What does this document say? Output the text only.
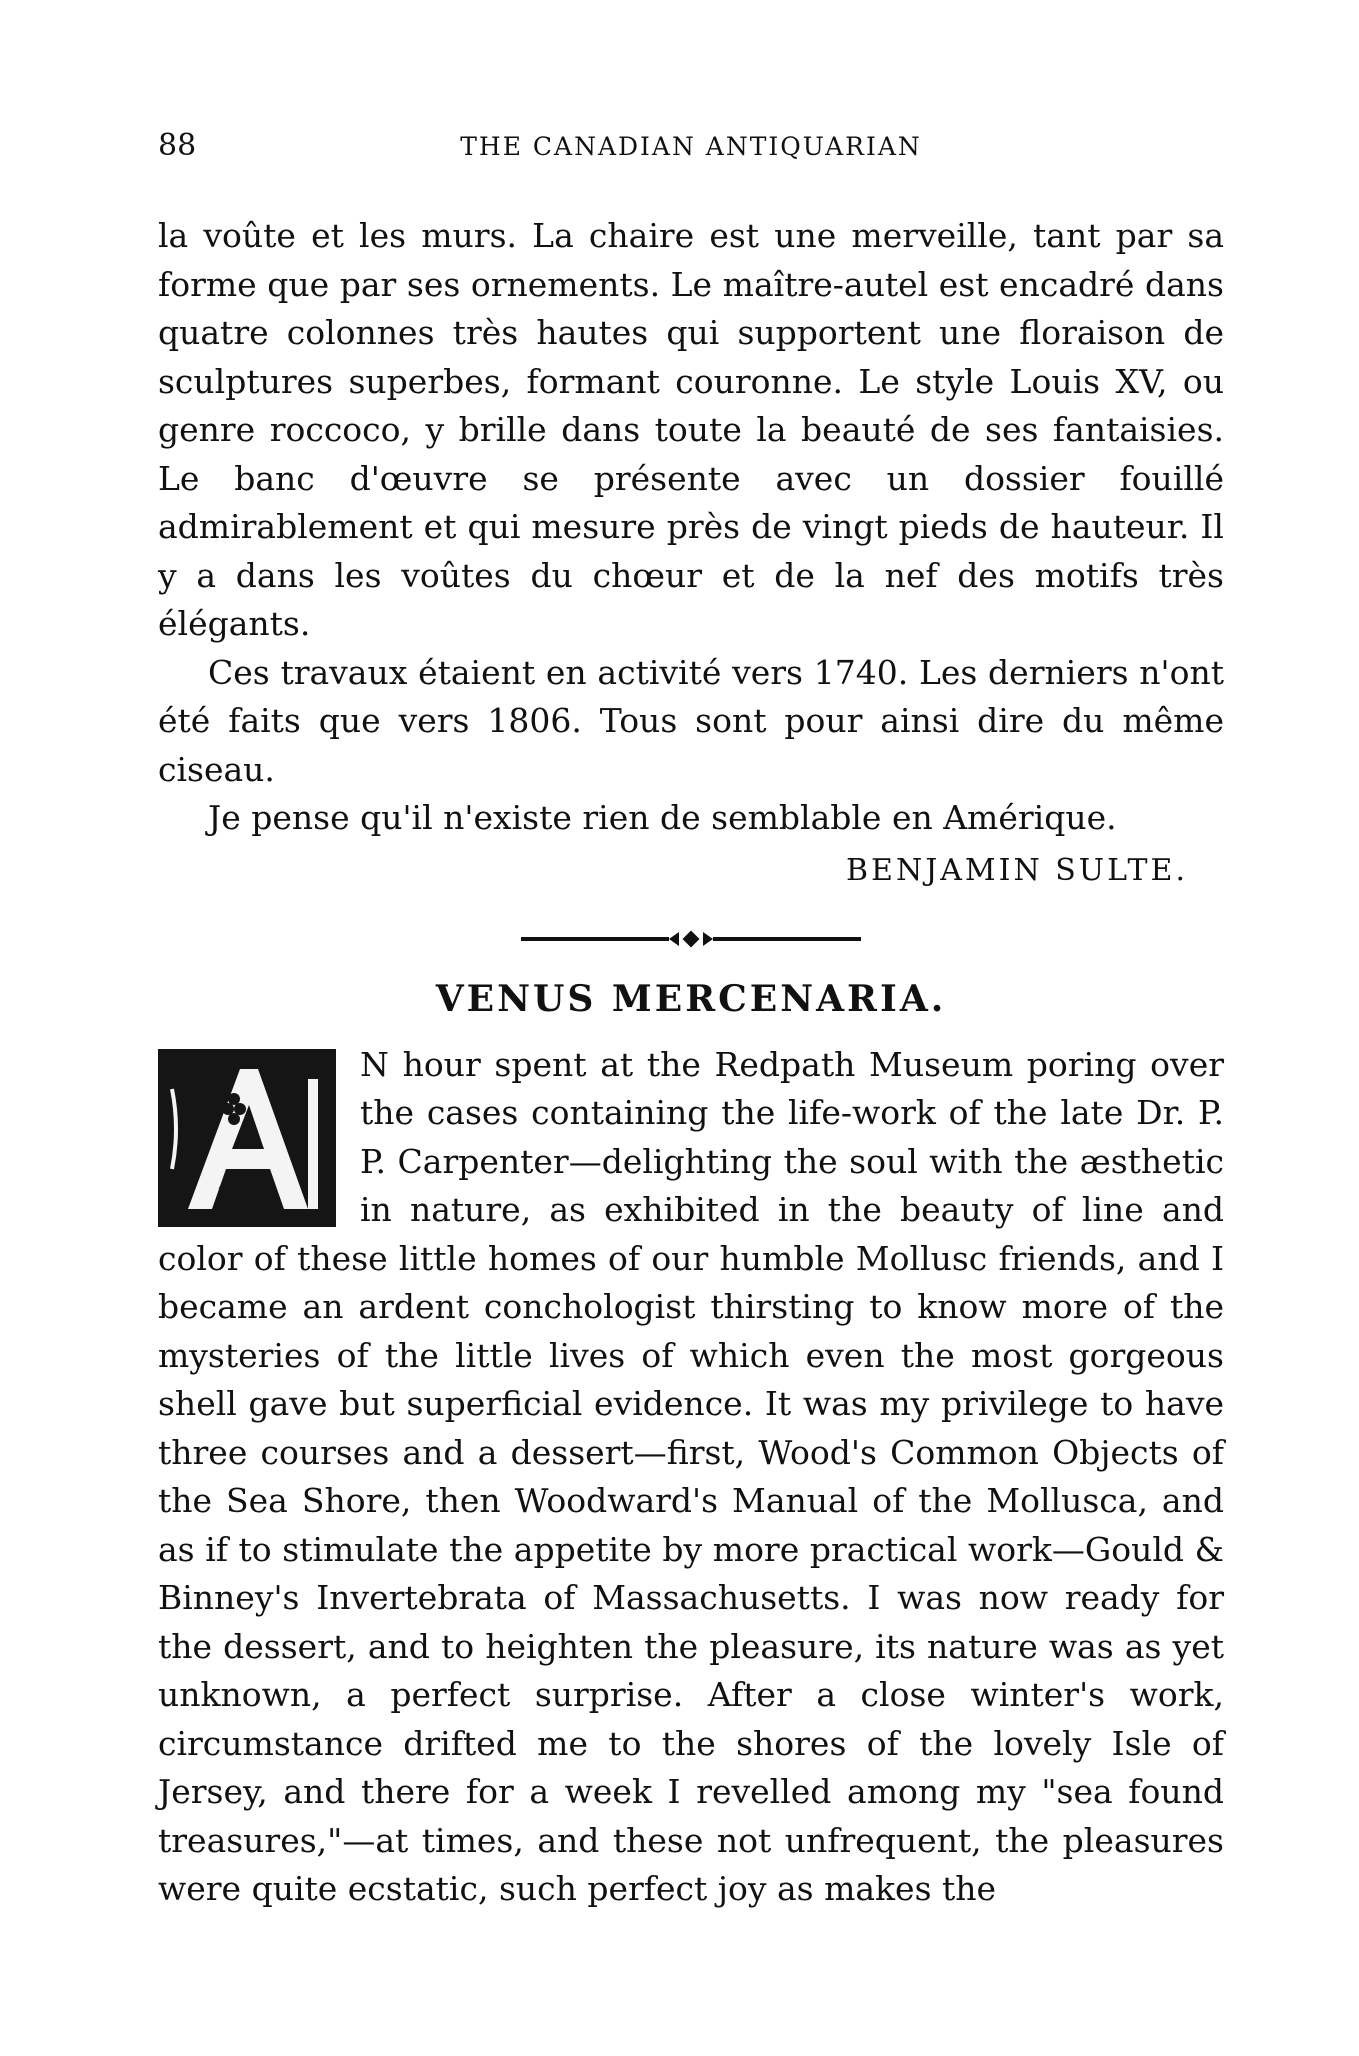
88	THE CANADIAN ANTIQUARIAN

la voûte et les murs. La chaire est une merveille, tant par sa forme que par ses ornements. Le maître-autel est encadré dans quatre colonnes très hautes qui supportent une floraison de sculptures superbes, formant couronne. Le style Louis XV, ou genre roccoco, y brille dans toute la beauté de ses fantaisies. Le banc d'œuvre se présente avec un dossier fouillé admirablement et qui mesure près de vingt pieds de hauteur. Il y a dans les voûtes du chœur et de la nef des motifs très élégants.

Ces travaux étaient en activité vers 1740. Les derniers n'ont été faits que vers 1806. Tous sont pour ainsi dire du même ciseau.

Je pense qu'il n'existe rien de semblable en Amérique.

BENJAMIN SULTE.
VENUS MERCENARIA.

N hour spent at the Redpath Museum poring over the cases containing the life-work of the late Dr. P. P. Carpenter—delighting the soul with the æsthetic in nature, as exhibited in the beauty of line and color of these little homes of our humble Mollusc friends, and I became an ardent conchologist thirsting to know more of the mysteries of the little lives of which even the most gorgeous shell gave but superficial evidence. It was my privilege to have three courses and a dessert—first, Wood's Common Objects of the Sea Shore, then Woodward's Manual of the Mollusca, and as if to stimulate the appetite by more practical work—Gould & Binney's Invertebrata of Massachusetts. I was now ready for the dessert, and to heighten the pleasure, its nature was as yet unknown, a perfect surprise. After a close winter's work, circumstance drifted me to the shores of the lovely Isle of Jersey, and there for a week I revelled among my "sea found treasures,"—at times, and these not unfrequent, the pleasures were quite ecstatic, such perfect joy as makes the
